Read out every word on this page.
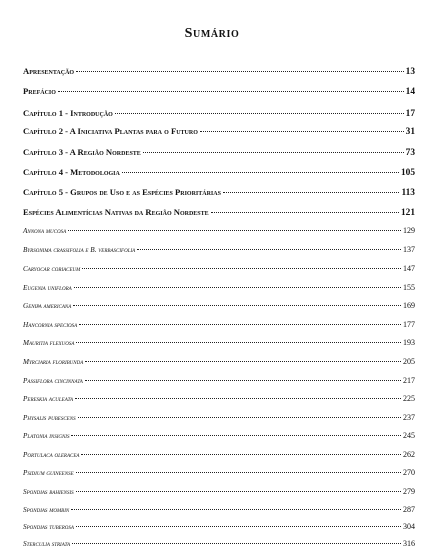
Sumário
Apresentação	13
Prefácio	14
Capítulo 1 - Introdução	17
Capítulo 2 - A Iniciativa Plantas para o Futuro	31
Capítulo 3 - A Região Nordeste	73
Capítulo 4 - Metodologia	105
Capítulo 5 - Grupos de Uso e as Espécies Prioritárias	113
Espécies Alimentícias Nativas da Região Nordeste	121
Annona mucosa	129
Byrsonima crassifolia e B. verbascifolia	137
Caryocar coriaceum	147
Eugenia uniflora	155
Genipa americana	169
Hancornia speciosa	177
Mauritia flexuosa	193
Myrciaria floribunda	205
Passiflora cincinnata	217
Pereskia aculeata	225
Physalis pubescens	237
Platonia insignis	245
Portulaca oleracea	262
Psidium guineense	270
Spondias bahiensis	279
Spondias mombin	287
Spondias tuberosa	304
Sterculia striata	316
